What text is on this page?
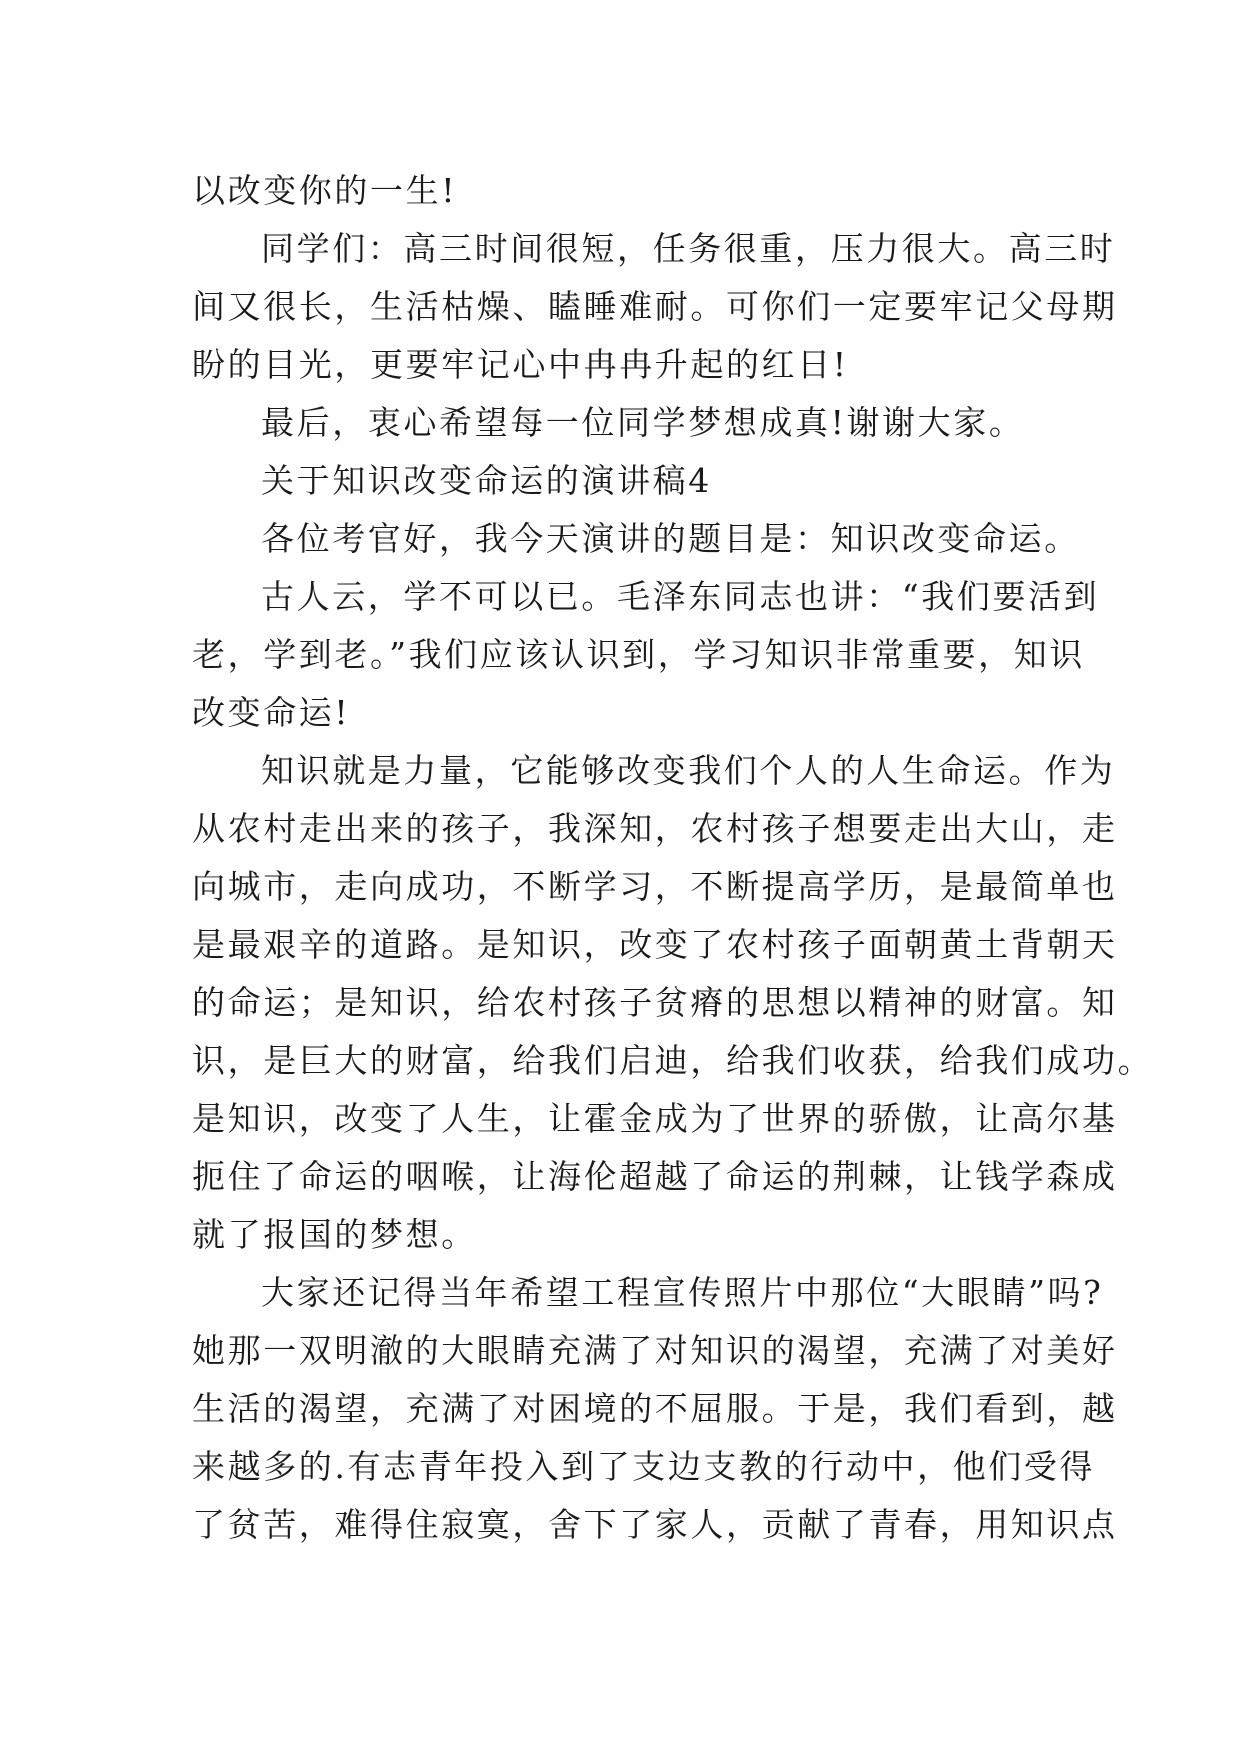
以改变你的一生!
同学们：高三时间很短，任务很重，压力很大。高三时
间又很长，生活枯燥、瞌睡难耐。可你们一定要牢记父母期
盼的目光，更要牢记心中冉冉升起的红日!
最后，衷心希望每一位同学梦想成真!谢谢大家。
关于知识改变命运的演讲稿4
各位考官好，我今天演讲的题目是：知识改变命运。
古人云，学不可以已。毛泽东同志也讲：“我们要活到
老，学到老。”我们应该认识到，学习知识非常重要，知识
改变命运!
知识就是力量，它能够改变我们个人的人生命运。作为
从农村走出来的孩子，我深知，农村孩子想要走出大山，走
向城市，走向成功，不断学习，不断提高学历，是最简单也
是最艰辛的道路。是知识，改变了农村孩子面朝黄土背朝天
的命运；是知识，给农村孩子贫瘠的思想以精神的财富。知
识，是巨大的财富，给我们启迪，给我们收获，给我们成功。
是知识，改变了人生，让霍金成为了世界的骄傲，让高尔基
扼住了命运的咽喉，让海伦超越了命运的荆棘，让钱学森成
就了报国的梦想。
大家还记得当年希望工程宣传照片中那位“大眼睛”吗?
她那一双明澈的大眼睛充满了对知识的渴望，充满了对美好
生活的渴望，充满了对困境的不屈服。于是，我们看到，越
来越多的.有志青年投入到了支边支教的行动中，他们受得
了贫苦，难得住寂寞，舍下了家人，贡献了青春，用知识点
